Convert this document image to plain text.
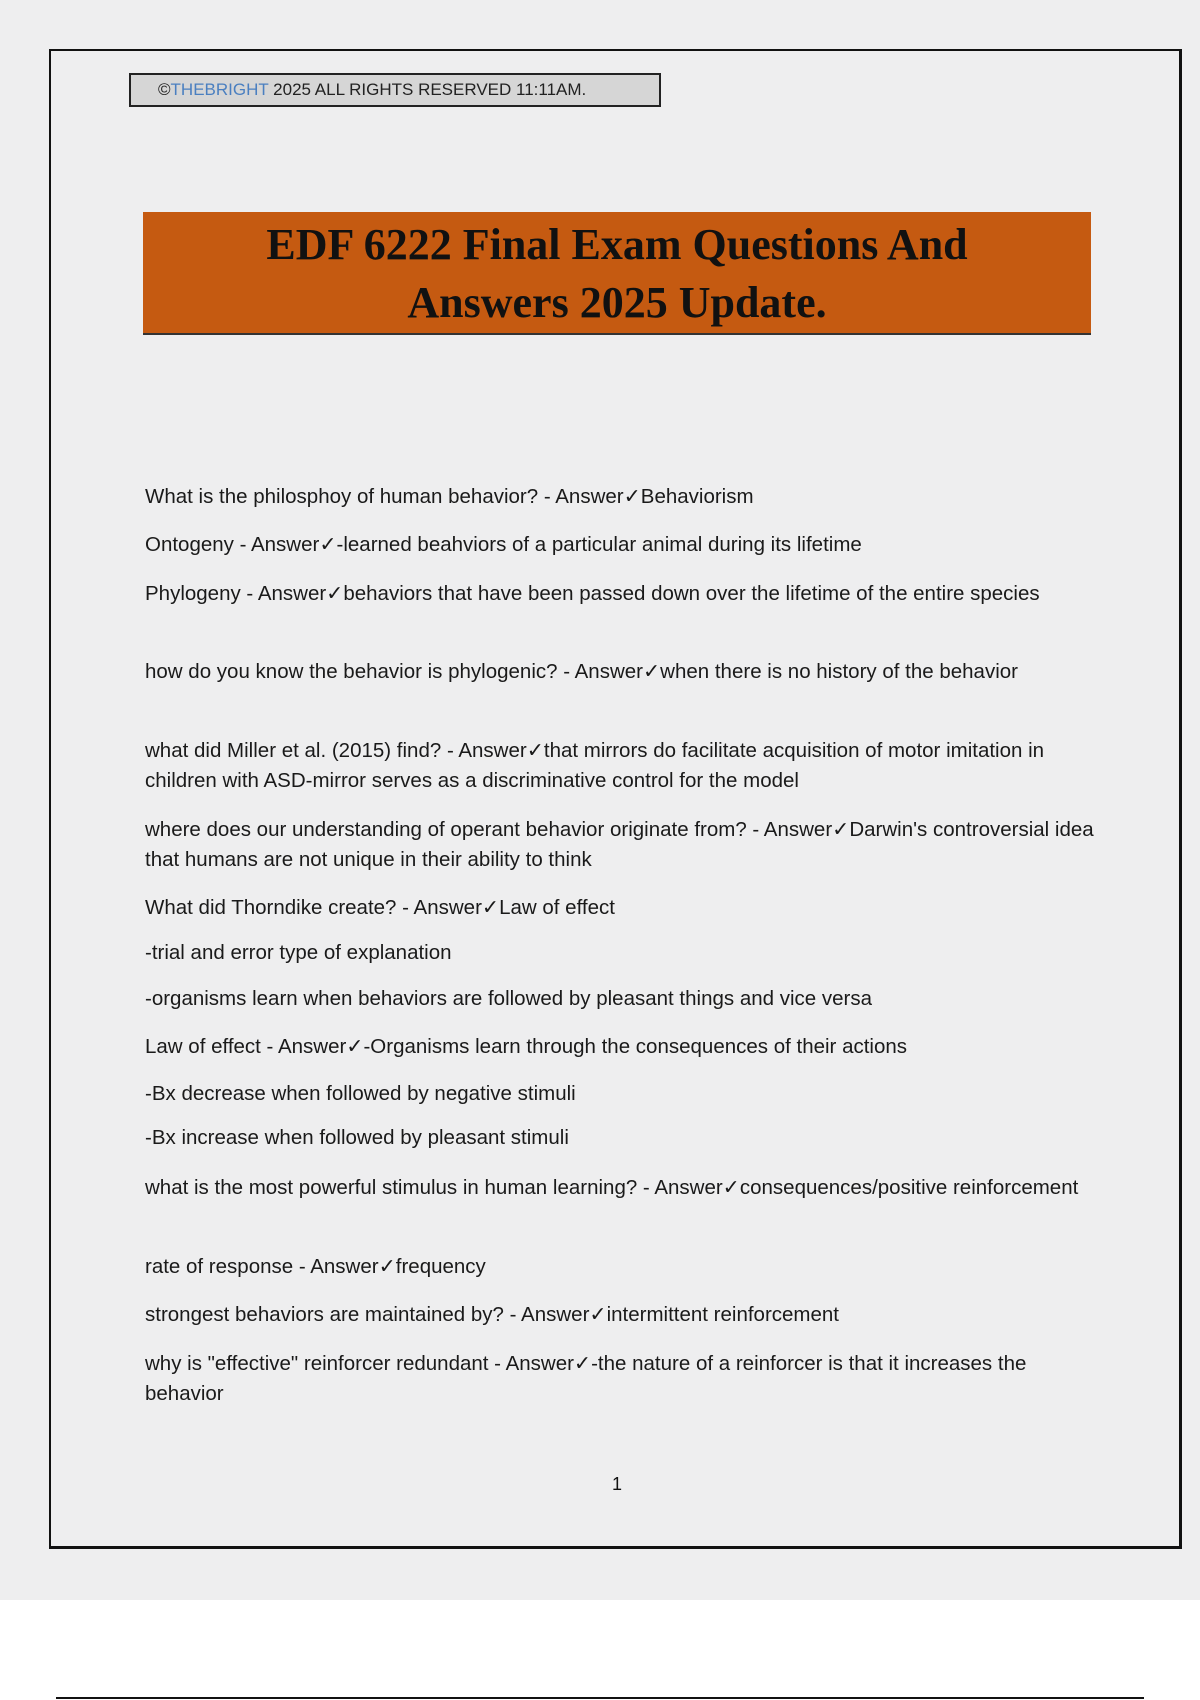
©THEBRIGHT 2025 ALL RIGHTS RESERVED 11:11AM.
EDF 6222 Final Exam Questions And
Answers 2025 Update.
What is the philosphoy of human behavior? - Answer✓Behaviorism
Ontogeny - Answer✓-learned beahviors of a particular animal during its lifetime
Phylogeny - Answer✓behaviors that have been passed down over the lifetime of the entire species
how do you know the behavior is phylogenic? - Answer✓when there is no history of the behavior
what did Miller et al. (2015) find? - Answer✓that mirrors do facilitate acquisition of motor imitation in children with ASD-mirror serves as a discriminative control for the model
where does our understanding of operant behavior originate from? - Answer✓Darwin's controversial idea that humans are not unique in their ability to think
What did Thorndike create? - Answer✓Law of effect
-trial and error type of explanation
-organisms learn when behaviors are followed by pleasant things and vice versa
Law of effect - Answer✓-Organisms learn through the consequences of their actions
-Bx decrease when followed by negative stimuli
-Bx increase when followed by pleasant stimuli
what is the most powerful stimulus in human learning? - Answer✓consequences/positive reinforcement
rate of response - Answer✓frequency
strongest behaviors are maintained by? - Answer✓intermittent reinforcement
why is "effective" reinforcer redundant - Answer✓-the nature of a reinforcer is that it increases the behavior
1
